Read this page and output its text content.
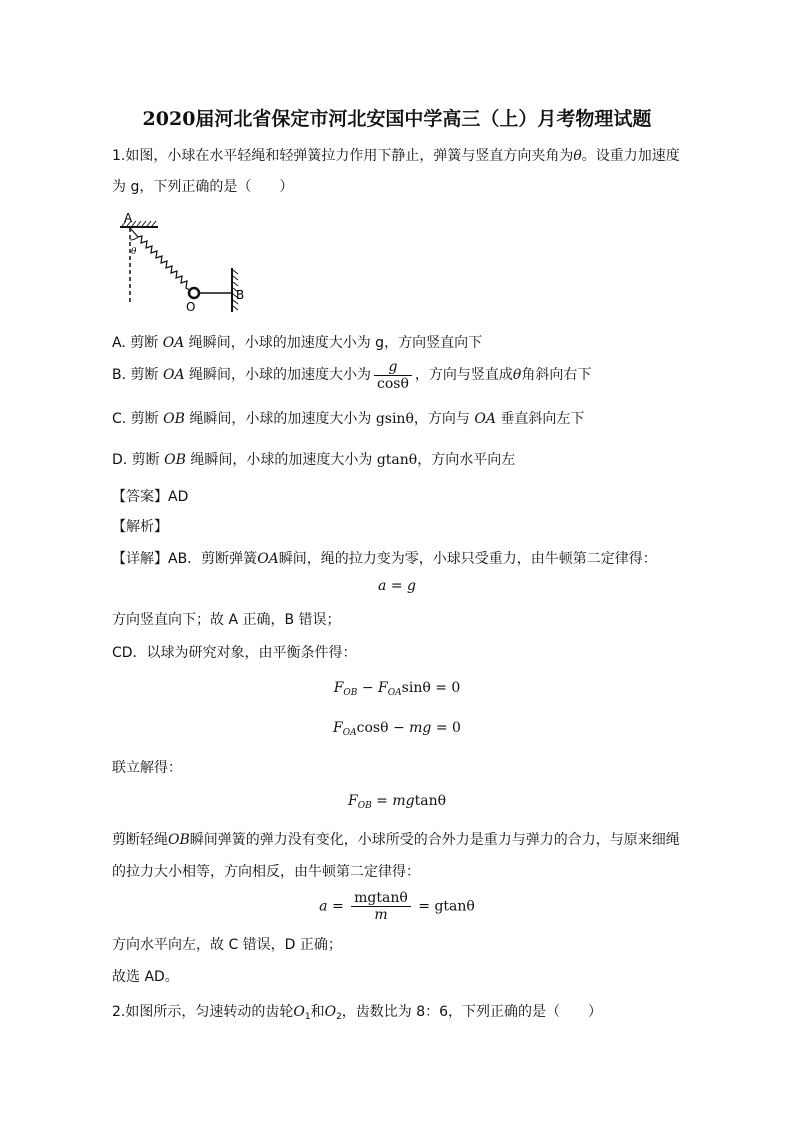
2020届河北省保定市河北安国中学高三（上）月考物理试题
1.如图，小球在水平轻绳和轻弹簧拉力作用下静止，弹簧与竖直方向夹角为θ。设重力加速度
为 g，下列正确的是（　　）
A
θ
O
B
A. 剪断 OA 绳瞬间，小球的加速度大小为 g，方向竖直向下
B. 剪断 OA 绳瞬间，小球的加速度大小为 $\frac{g}{\cos\theta}$ ，方向与竖直成θ角斜向右下
C. 剪断 OB 绳瞬间，小球的加速度大小为 gsinθ，方向与 OA 垂直斜向左下
D. 剪断 OB 绳瞬间，小球的加速度大小为 gtanθ，方向水平向左
【答案】AD
【解析】
【详解】AB．剪断弹簧OA瞬间，绳的拉力变为零，小球只受重力，由牛顿第二定律得：
a = g
方向竖直向下；故 A 正确，B 错误；
CD．以球为研究对象，由平衡条件得：
$F_{OB} - F_{OA}\sin\theta = 0$
$F_{OA}\cos\theta$ − mg = 0
联立解得：
$F_{OB} = mgtan\theta$
剪断轻绳OB瞬间弹簧的弹力没有变化，小球所受的合外力是重力与弹力的合力，与原来细绳
的拉力大小相等，方向相反，由牛顿第二定律得：
$a = \frac{mgtan\theta}{m} = gtan\theta$
方向水平向左，故 C 错误，D 正确；
故选 AD。
2.如图所示，匀速转动的齿轮$O_1$和$O_2$，齿数比为 8：6，下列正确的是（　　）
